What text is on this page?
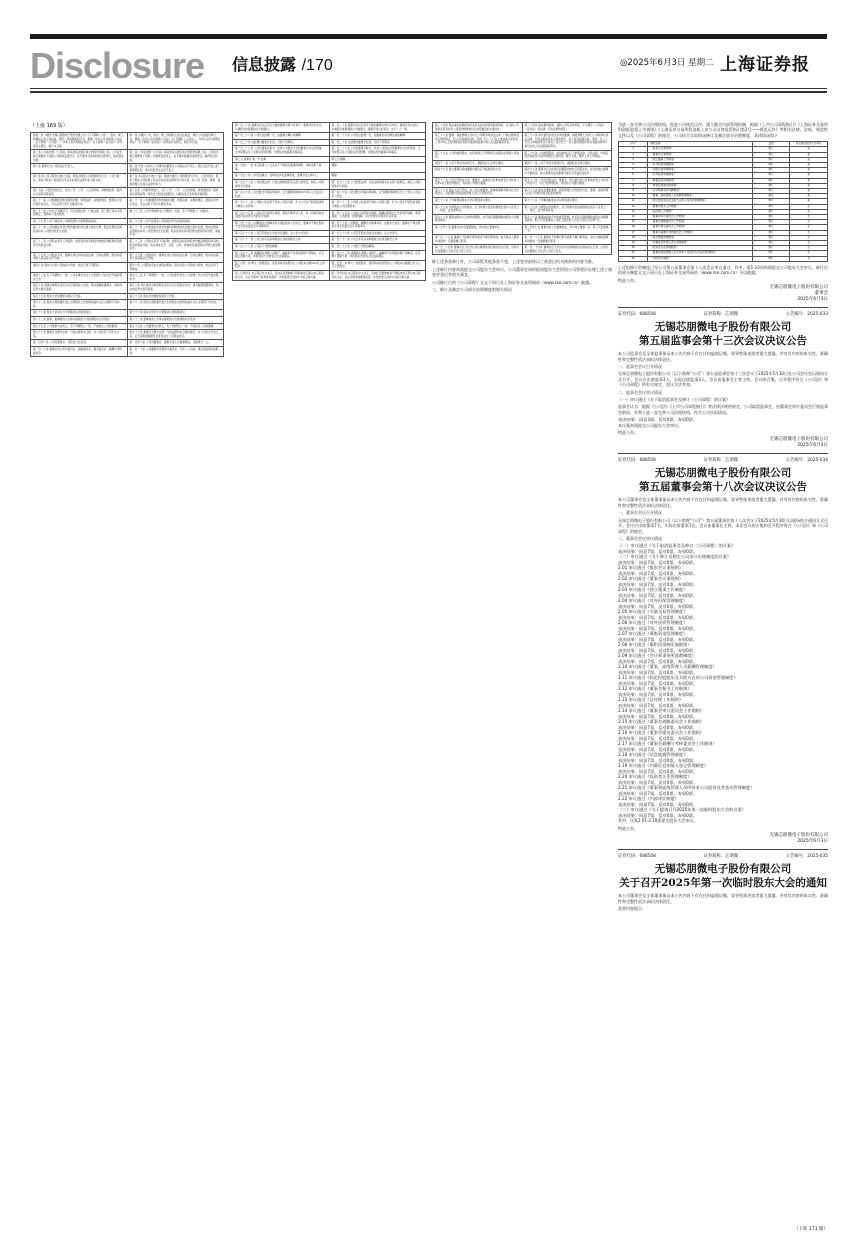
Disclosure 信息披露 /170	◎2025年6月3日 星期二 上海证券报
（上接 169 版）
原第一条 为维护无锡芯朋微电子股份有限公司（以下简称“公司”）、股东、职工和债权人的合法权益，规范公司的组织和行为，根据《中华人民共和国公司法》（以下简称《公司法》）、《中华人民共和国证券法》（以下简称《证券法》）和其他有关规定，制订本章程。	第一条 为维护公司、股东、职工和债权人的合法权益，规范公司的组织和行为，根据《中华人民共和国公司法》（以下简称《公司法》）、《中华人民共和国证券法》（以下简称《证券法》）和其他有关规定，制定本章程。
第二条 公司系依照《公司法》和其他有关规定成立的股份有限公司。公司由无锡芯朋微电子有限公司整体变更设立，在无锡市行政审批局注册登记，取得营业执照。	第二条 公司系依照《公司法》和其他有关规定成立的股份有限公司。公司由无锡芯朋微电子有限公司整体变更设立，在无锡市数据局注册登记，取得营业执照。
第八条 董事长为公司的法定代表人。	第八条 代表公司执行公司事务的董事为公司的法定代表人。担任法定代表人的董事辞任的，视为同时辞去法定代表人。
第十条 本公司章程自生效之日起，即成为规范公司的组织与行为、公司与股东、股东与股东之间权利义务关系的具有法律约束力的文件。	第十条 本章程自生效之日起，即成为规范公司的组织与行为、公司与股东、股东与股东之间权利义务关系的具有法律约束力的文件，对公司、股东、董事、高级管理人员具有法律约束力。
第十五条 公司股份的发行，实行公开、公平、公正的原则，同种类的每一股份应当具有同等权利。	第十五条 公司股份的发行，实行公开、公平、公正的原则，同类别的每一股份具有同等权利。同次发行的同类别股份，每股的发行条件和价格相同。
第二十一条 公司根据经营和发展的需要，依照法律、法规的规定，经股东大会分别作出决议，可以采用下列方式增加资本。	第二十一条 公司根据经营和发展的需要，依照法律、法规的规定，经股东会作出决议，可以采用下列方式增加资本。
第二十三条 公司在下列情况下，可以依照法律、行政法规、部门规章和本章程的规定，收购本公司的股份。	第二十三条 公司不得收购本公司股份。但是，有下列情形之一的除外。
第二十七条 公司不接受本公司的股票作为质押权的标的。	第二十七条 公司不接受本公司的股份作为质权的标的。
第三十一条 公司依据证券登记机构提供的凭证建立股东名册，股东名册是证明股东持有公司股份的充分证据。	第三十一条 公司依据证券登记结算机构提供的凭证建立股东名册，股东名册是证明股东持有公司股份的充分证据。股东按其所持有股份的类别享有权利，承担义务。
第三十三条 公司股东享有下列权利：依照其所持有的股份份额获得股利和其他形式的利益分配。	第三十三条 公司股东享有下列权利：依照其所持有的股份份额获得股利和其他形式的利益分配；依法请求召开、召集、主持、参加或者委派股东代理人参加股东会。
第三十五条 公司股东大会、董事会决议内容违反法律、行政法规的，股东有权请求人民法院认定无效。	第三十五条 公司股东会、董事会决议内容违反法律、行政法规的，股东有权请求人民法院认定无效。
第四十条 股东大会是公司的权力机构，依法行使下列职权。	第四十条 公司股东会由全体股东组成。股东会是公司的权力机构，依法行使下列职权。
第四十三条 有下列情形之一的，公司在事实发生之日起两个月以内召开临时股东大会。	第四十三条 有下列情形之一的，公司在事实发生之日起两个月以内召开临时股东会。
第五十条 监事会或股东决定自行召集股东大会的，须书面通知董事会，同时向证券交易所备案。	第五十条 审计委员会或者股东决定自行召集股东会的，须书面通知董事会，同时向证券交易所备案。
第五十五条 股东大会的通知包括以下内容。	第五十五条 股东会的通知包括以下内容。
第六十二条 股东出具的委托他人出席股东大会的授权委托书应当载明下列内容。	第六十二条 股东出具的委托他人出席股东会的授权委托书应当载明下列内容。
第七十六条 股东大会决议分为普通决议和特别决议。	第七十六条 股东会决议分为普通决议和特别决议。
第八十二条 董事、监事候选人名单以提案的方式提请股东大会表决。	第八十二条 董事候选人名单以提案的方式提请股东会表决。
第九十五条 公司董事为自然人，有下列情形之一的，不能担任公司的董事。	第九十五条 公司董事为自然人，有下列情形之一的，不能担任公司的董事。
第九十七条 董事应当遵守法律、行政法规和本章程，对公司负有下列忠实义务。	第九十七条 董事应当遵守法律、行政法规和本章程的规定，对公司负有忠实义务，应当采取措施避免自身利益与公司利益冲突。
第一百零六条 公司设董事会，对股东大会负责。	第一百零六条 公司设董事会，董事会由七名董事组成，设董事长一人。
第一百一十条 董事会设立审计委员会、战略委员会、提名委员会、薪酬与考核委员会。	第一百一十条 公司董事会设置审计委员会，行使《公司法》规定的监事会的职权。
第一百二十条 董事会会议应有过半数的董事出席方可举行。董事会作出决议，必须经全体董事的过半数通过。	第一百二十条 董事会会议应有过半数的董事出席方可举行。董事会作出决议，必须经全体董事的过半数通过。董事会决议的表决，实行一人一票。
第一百二十六条 公司设总经理一名，由董事会聘任或解聘。	第一百二十六条 公司设总经理一名，由董事会决定聘任或者解聘。
第一百三十条 总经理对董事会负责，行使下列职权。	第一百三十条 总经理对董事会负责，行使下列职权。
第一百三十七条 公司设董事会秘书，负责公司股东大会和董事会会议的筹备、文件保管以及公司股东资料管理，办理信息披露事务等事宜。	第一百三十七条 公司设董事会秘书，负责公司股东会和董事会会议的筹备、文件保管以及公司股东资料管理，办理信息披露事务等事宜。
第七章 监事会 第一节 监事	第七章 删除
第一百四十一条 本章程第九十五条关于不得担任董事的情形、同时适用于监事。	删除
第一百五十条 公司设监事会。监事会由3名监事组成，监事会设主席1人。	删除
第一百五十七条 公司依照法律、行政法规和国家有关部门的规定，制定公司的财务会计制度。	第一百五十七条 公司依照法律、行政法规和国家有关部门的规定，制定公司的财务会计制度。
第一百六十条 公司分配当年税后利润时，应当提取利润的10%列入公司法定公积金。	第一百六十条 公司分配当年税后利润时，应当提取利润的百分之十列入公司法定公积金。
第一百六十二条 公司的公积金用于弥补公司的亏损、扩大公司生产经营或者转为增加公司资本。	第一百六十二条 公司的公积金用于弥补公司的亏损、扩大公司生产经营或者转为增加公司注册资本。
第一百六十五条 公司实行内部审计制度，配备专职审计人员，对公司财务收支和经济活动进行内部审计监督。	第一百六十五条 公司实行内部审计制度，明确内部审计工作的领导体制、职责权限、人员配备、经费保障、审计结果运用和责任追究等。
第一百七十条 公司聘用会计师事务所必须由股东大会决定，董事会不得在股东大会决定前委任会计师事务所。	第一百七十条 公司聘用、解聘会计师事务所，由股东会决定。董事会不得在股东会决定前委任会计师事务所。
第一百七十六条 公司召开股东大会的会议通知，以公告方式进行。	第一百七十六条 公司召开股东会的会议通知，以公告进行。
第一百八十一条 公司合并可以采取吸收合并或者新设合并。	第一百八十一条 公司合并可以采取吸收合并或者新设合并。
第一百八十七条 公司因下列原因解散。	第一百八十七条 公司因下列原因解散。
第一百九十三条 清算组在清理公司财产、编制资产负债表和财产清单后，应当制定清算方案，并报股东大会或者人民法院确认。	第一百九十三条 清算组在清理公司财产、编制资产负债表和财产清单后，应当制订清算方案，并报股东会或者人民法院确认。
第二百零一条 释义：控股股东，是指其持有的股份占公司股本总额50%以上的股东。	第二百零一条 释义：控股股东，是指其持有的股份占公司股本总额超过百分之五十的股东。
第二百零四条 本章程以中文书写，其他任何语种或不同版本的章程与本章程有歧义时，以在无锡市行政审批局最近一次核准登记后的中文版章程为准。	第二百零四条 本章程以中文书写，其他任何语种或者不同版本的章程与本章程有歧义时，以在无锡市数据局最近一次核准登记后的中文版章程为准。
第三十四条 股东提出查阅前条所述有关信息或者索取资料的，应当向公司提供证明其持有公司股份的种类以及持股数量的书面文件。	第三十四条 股东要求查阅、复制公司有关材料的，应当遵守《公司法》《证券法》等法律、行政法规的规定。
第三十六条 董事、高级管理人员执行公司职务时违反法律、行政法规或者本章程的规定，给公司造成损失的，连续一百八十日以上单独或合并持有公司1%以上股份的股东有权书面请求监事会向人民法院提起诉讼。	第三十六条 审计委员会成员以外的董事、高级管理人员执行公司职务时违反法律、行政法规或者本章程的规定，给公司造成损失的，连续一百八十日以上单独或者合计持有公司百分之一以上股份的股东有权书面请求审计委员会向人民法院提起诉讼。
第三十九条 公司的控股股东、实际控制人不得利用其关联关系损害公司利益。	第三十九条 公司控股股东、实际控制人应当依照法律、行政法规、中国证监会和证券交易所的规定行使权利、履行义务，维护上市公司利益。
第四十一条 公司下列对外担保行为，须经股东大会审议通过。	第四十一条 公司下列对外担保行为，须经股东会审议通过。
第四十七条 独立董事有权向董事会提议召开临时股东大会。	第四十七条 董事会应当在规定的期限内按时召集股东会。经全体独立董事过半数同意，独立董事有权向董事会提议召开临时股东会。
第五十三条 公司召开股东大会，董事会、监事会以及单独或者合并持有公司3%以上股份的股东，有权向公司提出提案。	第五十三条 公司召开股东会，董事会、审计委员会以及单独或者合计持有公司百分之一以上股份的股东，有权向公司提出提案。
第六十七条 股东大会召开时，本公司全体董事、监事和董事会秘书应当出席会议，总经理和其他高级管理人员应当列席会议。	第六十七条 股东会要求董事、高级管理人员列席会议的，董事、高级管理人员应当列席并接受股东的质询。
第七十八条 下列事项由股东大会以特别决议通过。	第七十八条 下列事项由股东会以特别决议通过。
第八十九条 出席股东大会的股东，应当对提交表决的提案发表以下意见之一：同意、反对或弃权。	第八十九条 出席股东会的股东，应当对提交表决的提案发表以下意见之一：同意、反对或者弃权。
第九十六条 董事由股东大会选举或更换，并可在任期届满前由股东大会解除其职务。	第九十六条 董事由股东会选举或者更换，并可在任期届满前由股东会解除其职务。职工代表董事由公司职工通过职工代表大会民主选举产生。
第一百零七条 董事会由7名董事组成，其中独立董事3名。	第一百零七条 董事会由七名董事组成，其中独立董事三名、职工代表董事一名。
第一百一十五条 董事长不能履行职务或者不履行职务的，由半数以上董事共同推举一名董事履行职务。	第一百一十五条 董事长不能履行职务或者不履行职务的，由过半数的董事共同推举一名董事履行职务。
第一百二十四条 董事会应当对会议所议事项的决定做成会议记录，出席会议的董事应当在会议记录上签名。	第一百二十四条 董事会应当对会议所议事项的决定做成会议记录，出席会议的董事应当在会议记录上签名。

除上述条款修订外，公司章程其他条款不变，上述变更最终以工商登记机关核准的内容为准。

上述修订内容尚需提交公司股东大会审议。公司董事会同时提请股东大会授权公司管理层办理上述工商变更登记等相关事宜。

公司修订后的《公司章程》全文于同日在上海证券交易所网站（www.sse.com.cn）披露。

三、修订及制定公司部分治理制度的相关情况

为进一步完善公司治理结构，促进公司规范运作，建立健全内部管理机制，根据《上市公司章程指引》《上海证券交易所科创板股票上市规则》《上海证券交易所科创板上市公司自律监管指引第1号——规范运作》等相关法律、法规、规范性文件以及《公司章程》的规定，公司结合实际情况修订及制定部分治理制度，具体情况如下：

序号	制度名称	变更	是否提交股东大会审议
1	《股东会议事规则》	修订	是
2	《董事会议事规则》	修订	是
3	《独立董事工作制度》	修订	是
4	《对外担保管理制度》	修订	是
5	《关联交易管理制度》	修订	是
6	《对外投资管理制度》	修订	是
7	《募集资金管理制度》	修订	是
8	《累积投票制实施细则》	修订	是
9	《会计师事务所选聘制度》	修订	是
10	《董事、高级管理人员薪酬管理制度》	制定	是
11	《防范控股股东及关联方占用公司资金管理制度》	修订	是
12	《董事会秘书工作细则》	修订	否
13	《总经理工作细则》	修订	否
14	《董事会审计委员会工作细则》	修订	否
15	《董事会战略委员会工作细则》	修订	否
16	《董事会提名委员会工作细则》	修订	否
17	《董事会薪酬与考核委员会工作细则》	修订	否
18	《信息披露管理制度》	修订	否
19	《内幕信息知情人登记管理制度》	修订	否
20	《投资者关系管理制度》	修订	否
21	《董事和高级管理人员所持本公司股份及其变动管理制度》	修订	否
22	《内部审计制度》	修订	否

上述拟修订的制度已经公司第五届董事会第十八次会议审议通过，其中，第1-10项尚需提交公司股东大会审议。修订后的部分制度全文于同日在上海证券交易所网站（www.sse.com.cn）予以披露。

特此公告。

无锡芯朋微电子股份有限公司
董事会
2025年6月3日
证券代码：688508	证券简称：芯朋微	公告编号：2025-033
无锡芯朋微电子股份有限公司
第五届监事会第十三次会议决议公告

本公司监事会及全体监事保证本公告内容不存在任何虚假记载、误导性陈述或者重大遗漏，并对其内容的真实性、准确性和完整性依法承担法律责任。

一、监事会会议召开情况

无锡芯朋微电子股份有限公司（以下简称“公司”）第五届监事会第十三次会议于2025年5月30日在公司会议室以现场方式召开。会议应出席监事3人，实际出席监事3人。会议由监事会主席主持。会议的召集、召开程序符合《公司法》和《公司章程》的有关规定，会议合法有效。

二、监事会会议审议情况

（一）审议通过《关于取消监事会及修订〈公司章程〉的议案》

监事会认为：根据《公司法》《上市公司章程指引》等法律法规的规定，公司取消监事会，由董事会审计委员会行使监事会职权，有利于进一步完善公司治理结构，符合公司实际情况。

表决结果：同意3票，反对0票，弃权0票。

本议案尚需提交公司股东大会审议。

特此公告。

无锡芯朋微电子股份有限公司
2025年6月3日
证券代码：688508	证券简称：芯朋微	公告编号：2025-034
无锡芯朋微电子股份有限公司
第五届董事会第十八次会议决议公告

本公司董事会及全体董事保证本公告内容不存在任何虚假记载、误导性陈述或者重大遗漏，并对其内容的真实性、准确性和完整性依法承担法律责任。

一、董事会会议召开情况

无锡芯朋微电子股份有限公司（以下简称“公司”）第五届董事会第十八次会议于2025年5月30日以现场结合通讯方式召开。会议应出席董事7名，实际出席董事7名。会议由董事长主持。本次会议的召集和召开程序符合《公司法》和《公司章程》的规定。

二、董事会会议审议情况

（一）审议通过《关于取消监事会及修订〈公司章程〉的议案》

表决结果：同意7票，反对0票，弃权0票。

（二）审议通过《关于修订及制定公司部分治理制度的议案》

表决结果：同意7票，反对0票，弃权0票。

2.01 审议通过《股东会议事规则》

表决结果：同意7票，反对0票，弃权0票。

2.02 审议通过《董事会议事规则》

表决结果：同意7票，反对0票，弃权0票。

2.03 审议通过《独立董事工作制度》

表决结果：同意7票，反对0票，弃权0票。

2.04 审议通过《对外担保管理制度》

表决结果：同意7票，反对0票，弃权0票。

2.05 审议通过《关联交易管理制度》

表决结果：同意7票，反对0票，弃权0票。

2.06 审议通过《对外投资管理制度》

表决结果：同意7票，反对0票，弃权0票。

2.07 审议通过《募集资金管理制度》

表决结果：同意7票，反对0票，弃权0票。

2.08 审议通过《累积投票制实施细则》

表决结果：同意7票，反对0票，弃权0票。

2.09 审议通过《会计师事务所选聘制度》

表决结果：同意7票，反对0票，弃权0票。

2.10 审议通过《董事、高级管理人员薪酬管理制度》

表决结果：同意7票，反对0票，弃权0票。

2.11 审议通过《防范控股股东及关联方占用公司资金管理制度》

表决结果：同意7票，反对0票，弃权0票。

2.12 审议通过《董事会秘书工作细则》

表决结果：同意7票，反对0票，弃权0票。

2.13 审议通过《总经理工作细则》

表决结果：同意7票，反对0票，弃权0票。

2.14 审议通过《董事会审计委员会工作细则》

表决结果：同意7票，反对0票，弃权0票。

2.15 审议通过《董事会战略委员会工作细则》

表决结果：同意7票，反对0票，弃权0票。

2.16 审议通过《董事会提名委员会工作细则》

表决结果：同意7票，反对0票，弃权0票。

2.17 审议通过《董事会薪酬与考核委员会工作细则》

表决结果：同意7票，反对0票，弃权0票。

2.18 审议通过《信息披露管理制度》

表决结果：同意7票，反对0票，弃权0票。

2.19 审议通过《内幕信息知情人登记管理制度》

表决结果：同意7票，反对0票，弃权0票。

2.20 审议通过《投资者关系管理制度》

表决结果：同意7票，反对0票，弃权0票。

2.21 审议通过《董事和高级管理人员所持本公司股份及其变动管理制度》

表决结果：同意7票，反对0票，弃权0票。

2.22 审议通过《内部审计制度》

表决结果：同意7票，反对0票，弃权0票。

（三）审议通过《关于提请召开2025年第一次临时股东大会的议案》

表决结果：同意7票，反对0票，弃权0票。

其中，议案2.01-2.10需提交股东大会审议。

特此公告。

无锡芯朋微电子股份有限公司
2025年6月3日
证券代码：688508	证券简称：芯朋微	公告编号：2025-035
无锡芯朋微电子股份有限公司
关于召开2025年第一次临时股东大会的通知

本公司董事会及全体董事保证本公告内容不存在任何虚假记载、误导性陈述或者重大遗漏，并对其内容的真实性、准确性和完整性依法承担法律责任。

重要内容提示：

（下转 171 版）
